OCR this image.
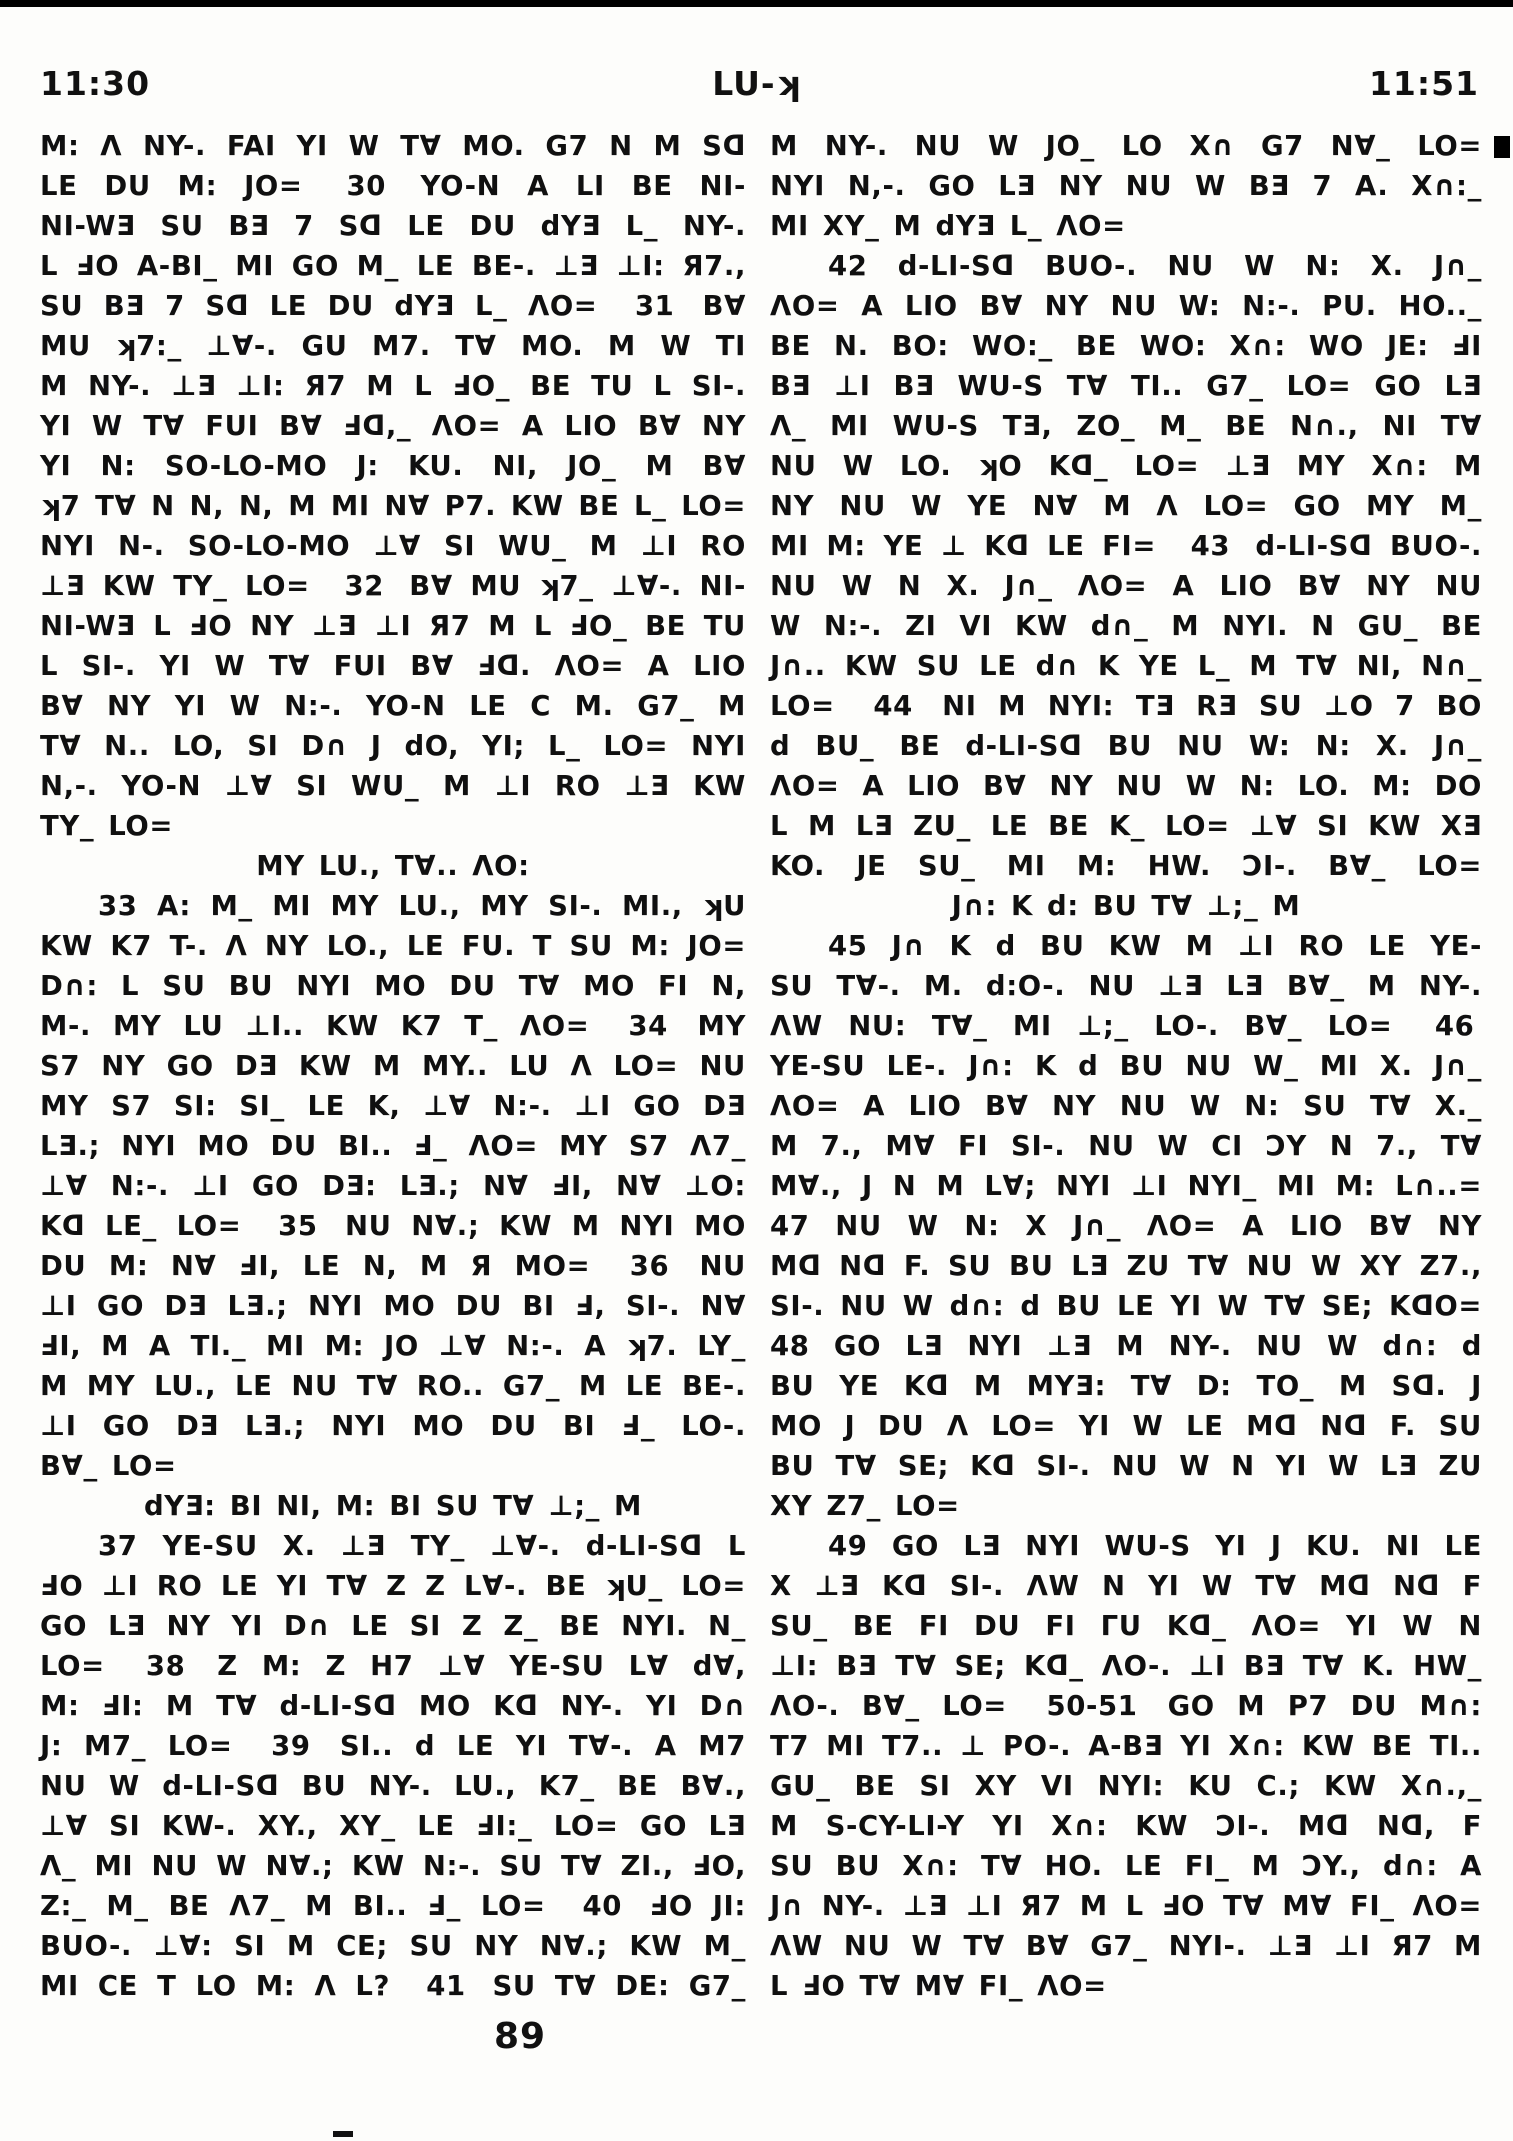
11:30	LU-ʞ	11:51
M: Λ NY-. FAI YI W T∀ MO. G7 N M Sᗡ
LE DU M: JO= 30 YO-N A LI BE NI-
NI-WƎ SU BƎ 7 Sᗡ LE DU dYƎ L_ NY-.
L ℲO A-BI_ MI GO M_ LE BE-. ⊥Ǝ ⊥I: Я7.,
SU BƎ 7 Sᗡ LE DU dYƎ L_ ΛO= 31 B∀
MU ʞ7:_ ⊥∀-. GU M7. T∀ MO. M W TI
M NY-. ⊥Ǝ ⊥I: Я7 M L ℲO_ BE TU L SI-.
YI W T∀ FUI B∀ Ⅎᗡ,_ ΛO= A LIO B∀ NY
YI N: SO-LO-MO J: KU. NI, JO_ M B∀
ʞ7 T∀ N N, N, M MI N∀ P7. KW BE L_ LO=
NYI N-. SO-LO-MO ⊥∀ SI WU_ M ⊥I RO
⊥Ǝ KW TY_ LO= 32 B∀ MU ʞ7_ ⊥∀-. NI-
NI-WƎ L ℲO NY ⊥Ǝ ⊥I Я7 M L ℲO_ BE TU
L SI-. YI W T∀ FUI B∀ Ⅎᗡ. ΛO= A LIO
B∀ NY YI W N:-. YO-N LE C M. G7_ M
T∀ N.. LO, SI D∩ J dO, YI; L_ LO= NYI
N,-. YO-N ⊥∀ SI WU_ M ⊥I RO ⊥Ǝ KW
TY_ LO=
MY LU., T∀.. ΛO:
33 A: M_ MI MY LU., MY SI-. MI., ʞU
KW K7 T-. Λ NY LO., LE FU. T SU M: JO=
D∩: L SU BU NYI MO DU T∀ MO FI N,
M-. MY LU ⊥I.. KW K7 T_ ΛO= 34 MY
S7 NY GO DƎ KW M MY.. LU Λ LO= NU
MY S7 SI: SI_ LE K, ⊥∀ N:-. ⊥I GO DƎ
LƎ.; NYI MO DU BI.. Ⅎ_ ΛO= MY S7 Λ7_
⊥∀ N:-. ⊥I GO DƎ: LƎ.; N∀ ℲI, N∀ ⊥O:
Kᗡ LE_ LO= 35 NU N∀.; KW M NYI MO
DU M: N∀ ℲI, LE N, M Я MO= 36 NU
⊥I GO DƎ LƎ.; NYI MO DU BI Ⅎ, SI-. N∀
ℲI, M A TI._ MI M: JO ⊥∀ N:-. A ʞ7. LY_
M MY LU., LE NU T∀ RO.. G7_ M LE BE-.
⊥I GO DƎ LƎ.; NYI MO DU BI Ⅎ_ LO-.
B∀_ LO=
dYƎ: BI NI, M: BI SU T∀ ⊥;_ M
37 YE-SU X. ⊥Ǝ TY_ ⊥∀-. d-LI-Sᗡ L
ℲO ⊥I RO LE YI T∀ Z Z L∀-. BE ʞU_ LO=
GO LƎ NY YI D∩ LE SI Z Z_ BE NYI. N_
LO= 38 Z M: Z H7 ⊥∀ YE-SU L∀ d∀,
M: ℲI: M T∀ d-LI-Sᗡ MO Kᗡ NY-. YI D∩
J: M7_ LO= 39 SI.. d LE YI T∀-. A M7
NU W d-LI-Sᗡ BU NY-. LU., K7_ BE B∀.,
⊥∀ SI KW-. XY., XY_ LE ℲI:_ LO= GO LƎ
Λ_ MI NU W N∀.; KW N:-. SU T∀ ZI., ℲO,
Z:_ M_ BE Λ7_ M BI.. Ⅎ_ LO= 40 ℲO JI:
BUO-. ⊥∀: SI M CE; SU NY N∀.; KW M_
MI CE T LO M: Λ L? 41 SU T∀ DE: G7_
M NY-. NU W JO_ LO X∩ G7 N∀_ LO=
NYI N,-. GO LƎ NY NU W BƎ 7 A. X∩:_
MI XY_ M dYƎ L_ ΛO=
42 d-LI-Sᗡ BUO-. NU W N: X. J∩_
ΛO= A LIO B∀ NY NU W: N:-. PU. HO.._
BE N. BO: WO:_ BE WO: X∩: WO JE: ℲI
BƎ ⊥I BƎ WU-S T∀ TI.. G7_ LO= GO LƎ
Λ_ MI WU-S TƎ, ZO_ M_ BE N∩., NI T∀
NU W LO. ʞO Kᗡ_ LO= ⊥Ǝ MY X∩: M
NY NU W YE N∀ M Λ LO= GO MY M_
MI M: YE ⊥ Kᗡ LE FI= 43 d-LI-Sᗡ BUO-.
NU W N X. J∩_ ΛO= A LIO B∀ NY NU
W N:-. ZI VI KW d∩_ M NYI. N GU_ BE
J∩.. KW SU LE d∩ K YE L_ M T∀ NI, N∩_
LO= 44 NI M NYI: TƎ RƎ SU ⊥O 7 BO
d BU_ BE d-LI-Sᗡ BU NU W: N: X. J∩_
ΛO= A LIO B∀ NY NU W N: LO. M: DO
L M LƎ ZU_ LE BE K_ LO= ⊥∀ SI KW XƎ
KO. JE SU_ MI M: HW. ƆI-. B∀_ LO=
J∩: K d: BU T∀ ⊥;_ M
45 J∩ K d BU KW M ⊥I RO LE YE-
SU T∀-. M. d:O-. NU ⊥Ǝ LƎ B∀_ M NY-.
ΛW NU: T∀_ MI ⊥;_ LO-. B∀_ LO= 46
YE-SU LE-. J∩: K d BU NU W_ MI X. J∩_
ΛO= A LIO B∀ NY NU W N: SU T∀ X._
M 7., M∀ FI SI-. NU W CI ƆY N 7., T∀
M∀., J N M L∀; NYI ⊥I NYI_ MI M: L∩..=
47 NU W N: X J∩_ ΛO= A LIO B∀ NY
Mᗡ Nᗡ F. SU BU LƎ ZU T∀ NU W XY Z7.,
SI-. NU W d∩: d BU LE YI W T∀ SE; KᗡO=
48 GO LƎ NYI ⊥Ǝ M NY-. NU W d∩: d
BU YE Kᗡ M MYƎ: T∀ D: TO_ M Sᗡ. J
MO J DU Λ LO= YI W LE Mᗡ Nᗡ F. SU
BU T∀ SE; Kᗡ SI-. NU W N YI W LƎ ZU
XY Z7_ LO=
49 GO LƎ NYI WU-S YI J KU. NI LE
X ⊥Ǝ Kᗡ SI-. ΛW N YI W T∀ Mᗡ Nᗡ F
SU_ BE FI DU FI ΓU Kᗡ_ ΛO= YI W N
⊥I: BƎ T∀ SE; Kᗡ_ ΛO-. ⊥I BƎ T∀ K. HW_
ΛO-. B∀_ LO= 50-51 GO M P7 DU M∩:
T7 MI T7.. ⊥ PO-. A-BƎ YI X∩: KW BE TI..
GU_ BE SI XY VI NYI: KU C.; KW X∩.,_
M S-CY-LI-Y YI X∩: KW ƆI-. Mᗡ Nᗡ, F
SU BU X∩: T∀ HO. LE FI_ M ƆY., d∩: A
J∩ NY-. ⊥Ǝ ⊥I Я7 M L ℲO T∀ M∀ FI_ ΛO=
ΛW NU W T∀ B∀ G7_ NYI-. ⊥Ǝ ⊥I Я7 M
L ℲO T∀ M∀ FI_ ΛO=
89
